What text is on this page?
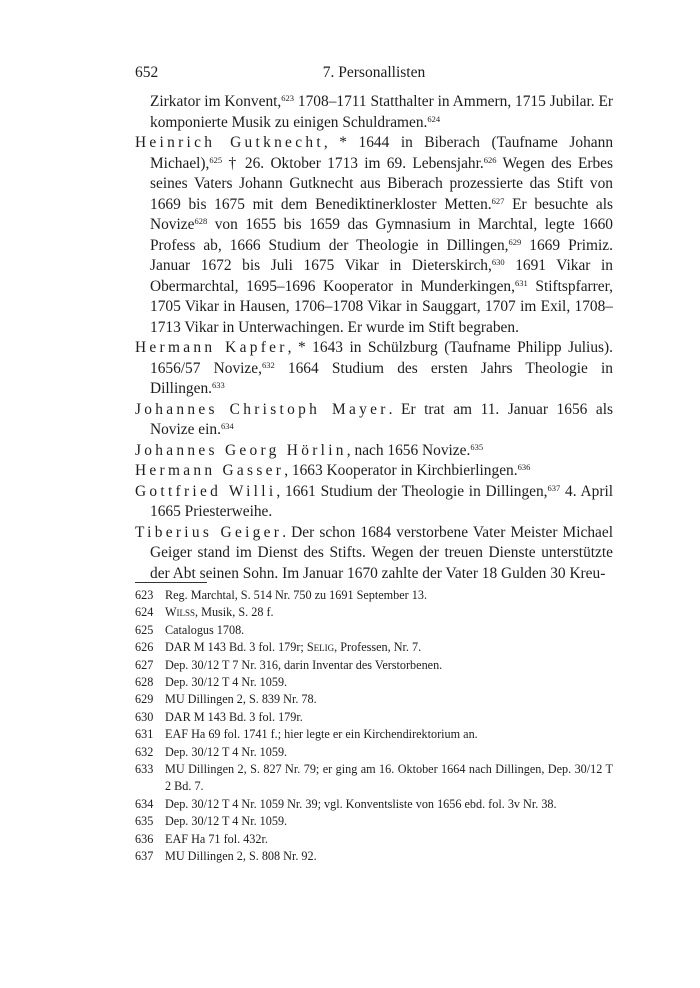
652	7. Personallisten

Zirkator im Konvent,$^{623}$ 1708–1711 Statthalter in Ammern, 1715 Jubilar. Er komponierte Musik zu einigen Schuldramen.$^{624}$

Heinrich Gutknecht, * 1644 in Biberach (Taufname Johann Michael),$^{625}$ † 26. Oktober 1713 im 69. Lebensjahr.$^{626}$ Wegen des Erbes seines Vaters Johann Gutknecht aus Biberach prozessierte das Stift von 1669 bis 1675 mit dem Benediktinerkloster Metten.$^{627}$ Er besuchte als Novize$^{628}$ von 1655 bis 1659 das Gymnasium in Marchtal, legte 1660 Profess ab, 1666 Studium der Theologie in Dillingen,$^{629}$ 1669 Primiz. Januar 1672 bis Juli 1675 Vikar in Dieterskirch,$^{630}$ 1691 Vikar in Obermarchtal, 1695–1696 Kooperator in Munderkingen,$^{631}$ Stiftspfarrer, 1705 Vikar in Hausen, 1706–1708 Vikar in Sauggart, 1707 im Exil, 1708–1713 Vikar in Unterwachingen. Er wurde im Stift begraben.

Hermann Kapfer, * 1643 in Schülzburg (Taufname Philipp Julius). 1656/57 Novize,$^{632}$ 1664 Studium des ersten Jahrs Theologie in Dillingen.$^{633}$

Johannes Christoph Mayer. Er trat am 11. Januar 1656 als Novize ein.$^{634}$

Johannes Georg Hörlin, nach 1656 Novize.$^{635}$

Hermann Gasser, 1663 Kooperator in Kirchbierlingen.$^{636}$

Gottfried Willi, 1661 Studium der Theologie in Dillingen,$^{637}$ 4. April 1665 Priesterweihe.

Tiberius Geiger. Der schon 1684 verstorbene Vater Meister Michael Geiger stand im Dienst des Stifts. Wegen der treuen Dienste unterstützte der Abt seinen Sohn. Im Januar 1670 zahlte der Vater 18 Gulden 30 Kreu-

623 Reg. Marchtal, S. 514 Nr. 750 zu 1691 September 13.
624 Wilss, Musik, S. 28 f.
625 Catalogus 1708.
626 DAR M 143 Bd. 3 fol. 179r; Selig, Professen, Nr. 7.
627 Dep. 30/12 T 7 Nr. 316, darin Inventar des Verstorbenen.
628 Dep. 30/12 T 4 Nr. 1059.
629 MU Dillingen 2, S. 839 Nr. 78.
630 DAR M 143 Bd. 3 fol. 179r.
631 EAF Ha 69 fol. 1741 f.; hier legte er ein Kirchendirektorium an.
632 Dep. 30/12 T 4 Nr. 1059.
633 MU Dillingen 2, S. 827 Nr. 79; er ging am 16. Oktober 1664 nach Dillingen, Dep. 30/12 T 2 Bd. 7.
634 Dep. 30/12 T 4 Nr. 1059 Nr. 39; vgl. Konventsliste von 1656 ebd. fol. 3v Nr. 38.
635 Dep. 30/12 T 4 Nr. 1059.
636 EAF Ha 71 fol. 432r.
637 MU Dillingen 2, S. 808 Nr. 92.
